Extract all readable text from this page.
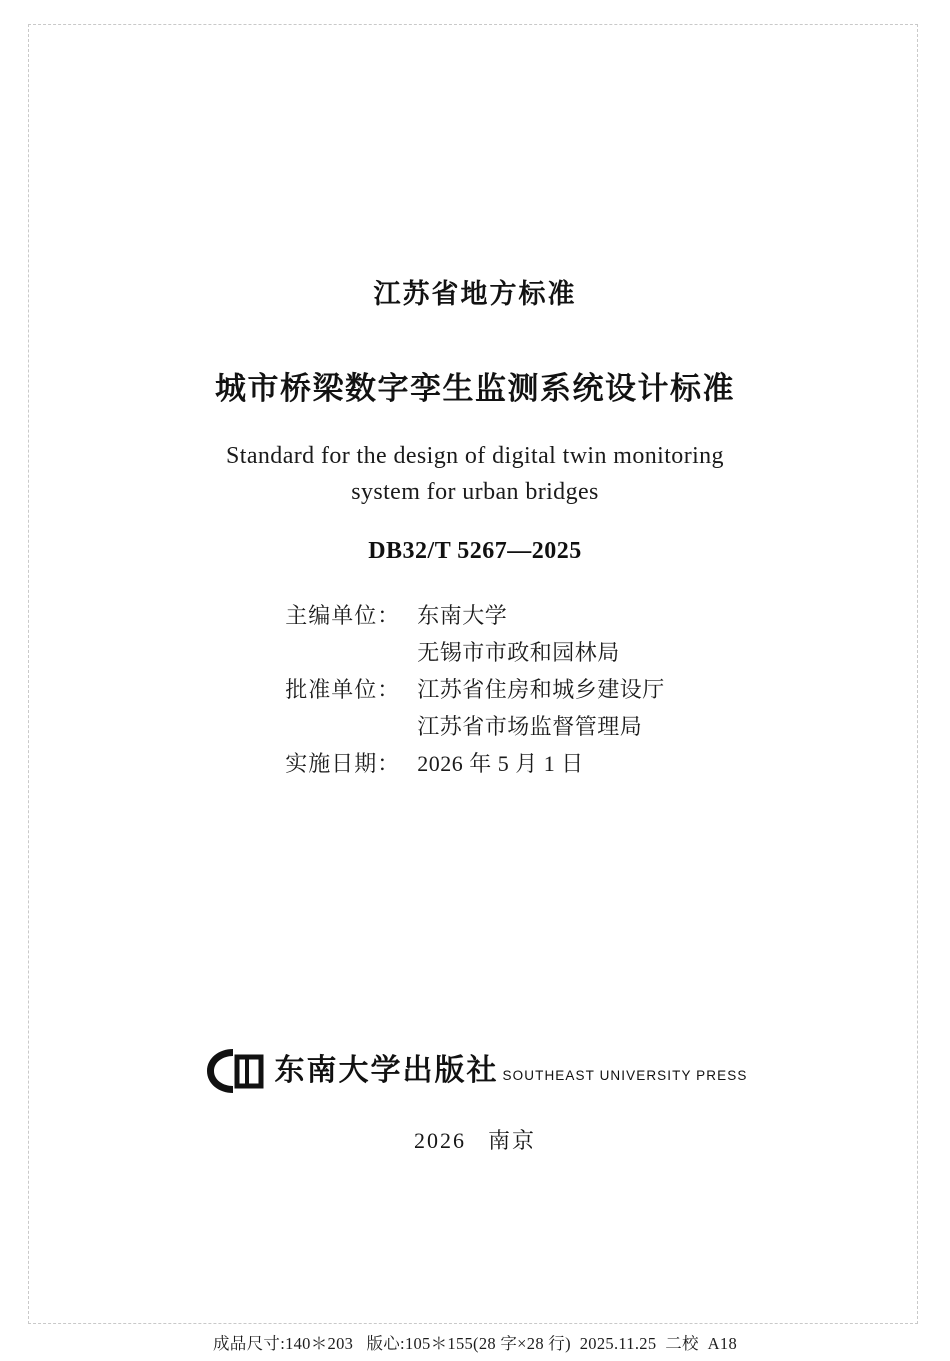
江苏省地方标准
城市桥梁数字孪生监测系统设计标准
Standard for the design of digital twin monitoring
system for urban bridges
DB32/T 5267—2025
主编单位： 东南大学
无锡市市政和园林局
批准单位： 江苏省住房和城乡建设厅
江苏省市场监督管理局
实施日期： 2026 年 5 月 1 日
东南大学出版社 SOUTHEAST UNIVERSITY PRESS
2026 南京
成品尺寸:140＊203   版心:105＊155(28 字×28 行)  2025.11.25  二校  A18
